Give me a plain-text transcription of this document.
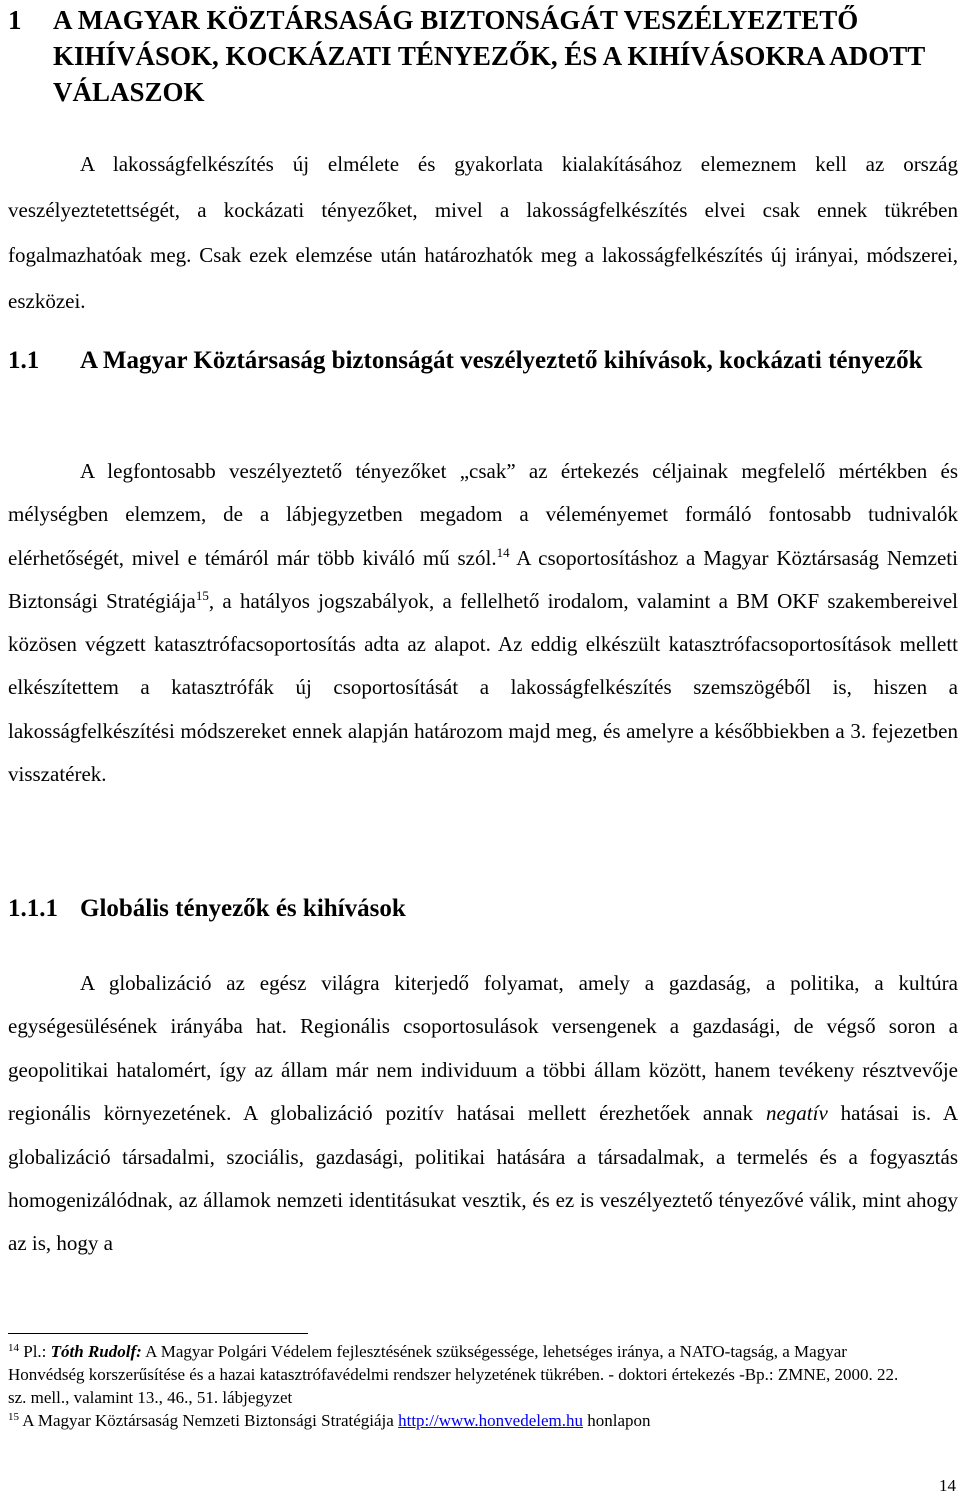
1 A MAGYAR KÖZTÁRSASÁG BIZTONSÁGÁT VESZÉLYEZTETŐ KIHÍVÁSOK, KOCKÁZATI TÉNYEZŐK, ÉS A KIHÍVÁSOKRA ADOTT VÁLASZOK
A lakosságfelkészítés új elmélete és gyakorlata kialakításához elemeznem kell az ország veszélyeztetettségét, a kockázati tényezőket, mivel a lakosságfelkészítés elvei csak ennek tükrében fogalmazhatóak meg. Csak ezek elemzése után határozhatók meg a lakosságfelkészítés új irányai, módszerei, eszközei.
1.1 A Magyar Köztársaság biztonságát veszélyeztető kihívások, kockázati tényezők
A legfontosabb veszélyeztető tényezőket „csak” az értekezés céljainak megfelelő mértékben és mélységben elemzem, de a lábjegyzetben megadom a véleményemet formáló fontosabb tudnivalók elérhetőségét, mivel e témáról már több kiváló mű szól.$^{14}$ A csoportosításhoz a Magyar Köztársaság Nemzeti Biztonsági Stratégiája$^{15}$, a hatályos jogszabályok, a fellelhető irodalom, valamint a BM OKF szakembereivel közösen végzett katasztrófacsoportosítás adta az alapot. Az eddig elkészült katasztrófacsoportosítások mellett elkészítettem a katasztrófák új csoportosítását a lakosságfelkészítés szemszögéből is, hiszen a lakosságfelkészítési módszereket ennek alapján határozom majd meg, és amelyre a későbbiekben a 3. fejezetben visszatérek.
1.1.1 Globális tényezők és kihívások
A globalizáció az egész világra kiterjedő folyamat, amely a gazdaság, a politika, a kultúra egységesülésének irányába hat. Regionális csoportosulások versengenek a gazdasági, de végső soron a geopolitikai hatalomért, így az állam már nem individuum a többi állam között, hanem tevékeny résztvevője regionális környezetének. A globalizáció pozitív hatásai mellett érezhetőek annak negatív hatásai is. A globalizáció társadalmi, szociális, gazdasági, politikai hatására a társadalmak, a termelés és a fogyasztás homogenizálódnak, az államok nemzeti identitásukat vesztik, és ez is veszélyeztető tényezővé válik, mint ahogy az is, hogy a

$^{14}$ Pl.: Tóth Rudolf: A Magyar Polgári Védelem fejlesztésének szükségessége, lehetséges iránya, a NATO-tagság, a Magyar Honvédség korszerűsítése és a hazai katasztrófavédelmi rendszer helyzetének tükrében. - doktori értekezés -Bp.: ZMNE, 2000. 22. sz. mell., valamint 13., 46., 51. lábjegyzet

$^{15}$ A Magyar Köztársaság Nemzeti Biztonsági Stratégiája http://www.honvedelem.hu honlapon

14
